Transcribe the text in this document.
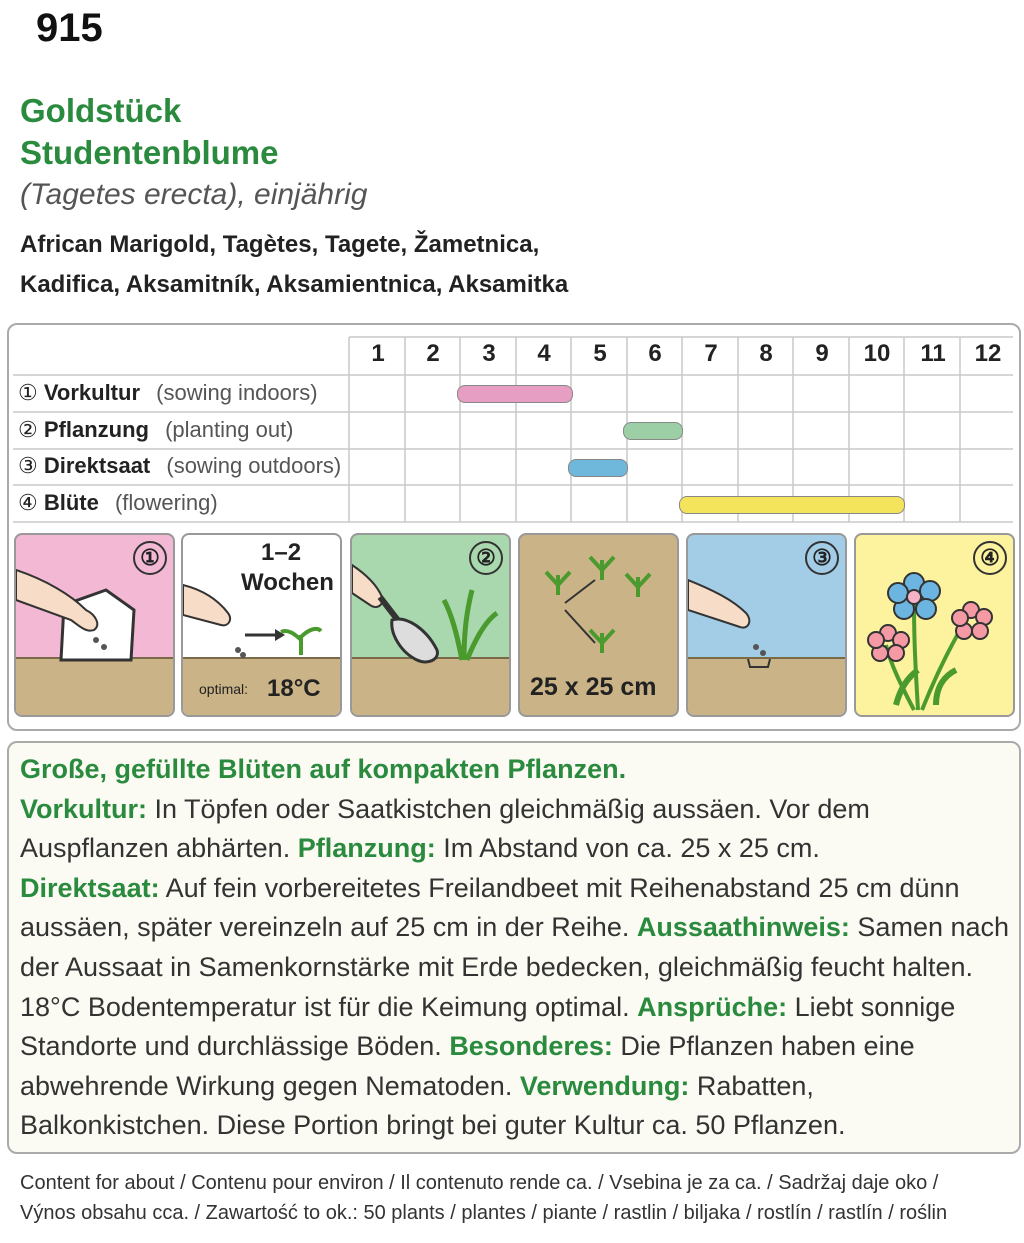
915
Goldstück
Studentenblume
(Tagetes erecta), einjährig
African Marigold, Tagètes, Tagete, Žametnica,
Kadifica, Aksamitník, Aksamientnica, Aksamitka
1	2	3	4	5	6	7	8	9	10	11	12
① Vorkultur (sowing indoors)
② Pflanzung (planting out)
③ Direktsaat (sowing outdoors)
④ Blüte (flowering)
①	1–2
Wochen
optimal: 18°C
②
25 x 25 cm
③	④
Große, gefüllte Blüten auf kompakten Pflanzen.
Vorkultur: In Töpfen oder Saatkistchen gleichmäßig aussäen. Vor dem Auspflanzen abhärten. Pflanzung: Im Abstand von ca. 25 x 25 cm.
Direktsaat: Auf fein vorbereitetes Freilandbeet mit Reihenabstand 25 cm dünn aussäen, später vereinzeln auf 25 cm in der Reihe. Aussaathinweis: Samen nach der Aussaat in Samenkornstärke mit Erde bedecken, gleichmäßig feucht halten. 18°C Bodentemperatur ist für die Keimung optimal. Ansprüche: Liebt sonnige Standorte und durchlässige Böden. Besonderes: Die Pflanzen haben eine abwehrende Wirkung gegen Nematoden. Verwendung: Rabatten, Balkonkistchen. Diese Portion bringt bei guter Kultur ca. 50 Pflanzen.
Content for about / Contenu pour environ / Il contenuto rende ca. / Vsebina je za ca. / Sadržaj daje oko /
Výnos obsahu cca. / Zawartość to ok.: 50 plants / plantes / piante / rastlin / biljaka / rostlín / rastlín / roślin
